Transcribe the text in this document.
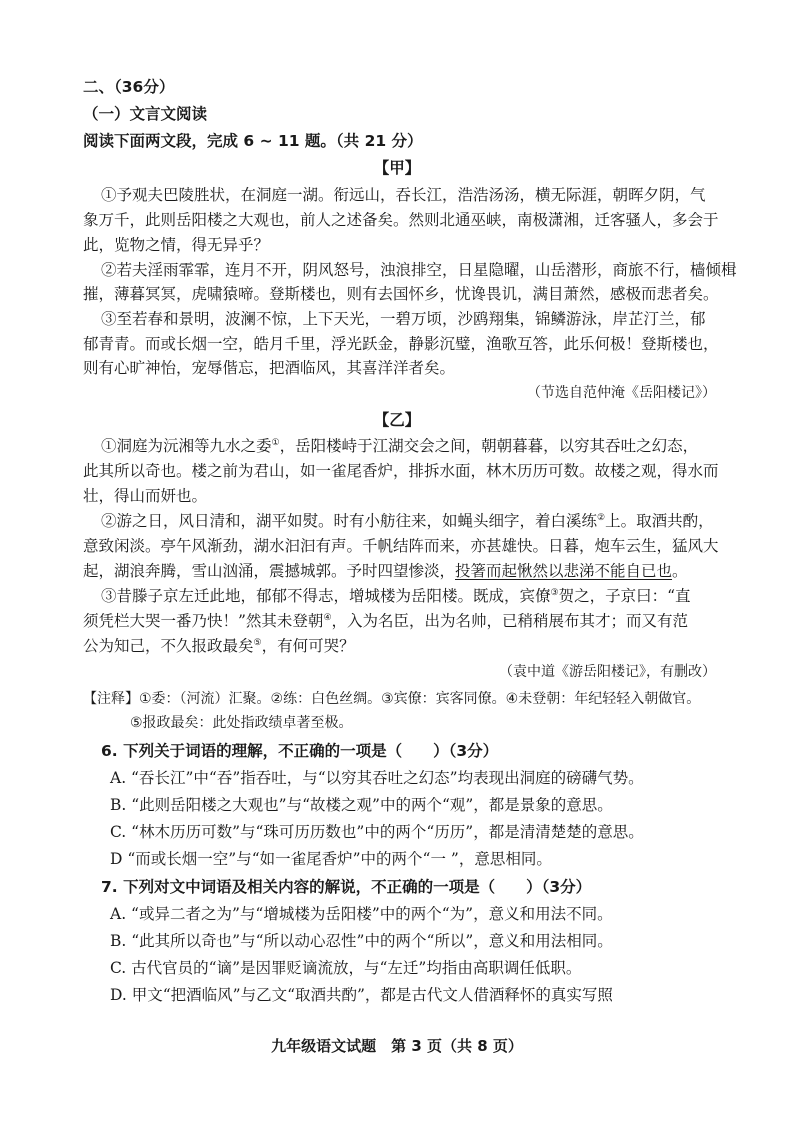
二、（36分）
（一）文言文阅读
阅读下面两文段，完成 6 ~ 11 题。（共 21 分）
【甲】
①予观夫巴陵胜状，在洞庭一湖。衔远山，吞长江，浩浩汤汤，横无际涯，朝晖夕阴，气
象万千，此则岳阳楼之大观也，前人之述备矣。然则北通巫峡，南极潇湘，迁客骚人，多会于
此，览物之情，得无异乎？
②若夫淫雨霏霏，连月不开，阴风怒号，浊浪排空，日星隐曜，山岳潜形，商旅不行，樯倾楫
摧，薄暮冥冥，虎啸猿啼。登斯楼也，则有去国怀乡，忧谗畏讥，满目萧然，感极而悲者矣。
③至若春和景明，波澜不惊，上下天光，一碧万顷，沙鸥翔集，锦鳞游泳，岸芷汀兰，郁
郁青青。而或长烟一空，皓月千里，浮光跃金，静影沉璧，渔歌互答，此乐何极！登斯楼也，
则有心旷神怡，宠辱偕忘，把酒临风，其喜洋洋者矣。
（节选自范仲淹《岳阳楼记》）
【乙】
①洞庭为沅湘等九水之委①，岳阳楼峙于江湖交会之间，朝朝暮暮，以穷其吞吐之幻态，
此其所以奇也。楼之前为君山，如一雀尾香炉，排拆水面，林木历历可数。故楼之观，得水而
壮，得山而妍也。
②游之日，风日清和，湖平如熨。时有小舫往来，如蝇头细字，着白溪练②上。取酒共酌，
意致闲淡。亭午风渐劲，湖水汩汩有声。千帆结阵而来，亦甚雄快。日暮，炮车云生，猛风大
起，湖浪奔腾，雪山汹涌，震撼城郭。予时四望惨淡，投箸而起愀然以悲涕不能自已也。
③昔滕子京左迁此地，郁郁不得志，增城楼为岳阳楼。既成，宾僚③贺之，子京曰：“直
须凭栏大哭一番乃快！”然其未登朝④，入为名臣，出为名帅，已稍稍展布其才；而又有范
公为知己，不久报政最矣⑤，有何可哭？
（袁中道《游岳阳楼记》，有删改）
【注释】①委：（河流）汇聚。②练：白色丝绸。③宾僚：宾客同僚。④未登朝：年纪轻轻入朝做官。
⑤报政最矣：此处指政绩卓著至极。
6. 下列关于词语的理解，不正确的一项是（　　）（3分）
A. “吞长江”中“吞”指吞吐，与“以穷其吞吐之幻态”均表现出洞庭的磅礴气势。
B. “此则岳阳楼之大观也”与“故楼之观”中的两个“观”，都是景象的意思。
C. “林木历历可数”与“珠可历历数也”中的两个“历历”，都是清清楚楚的意思。
D “而或长烟一空”与“如一雀尾香炉”中的两个“一 ”，意思相同。
7. 下列对文中词语及相关内容的解说，不正确的一项是（　　）（3分）
A. “或异二者之为”与“增城楼为岳阳楼”中的两个“为”，意义和用法不同。
B. “此其所以奇也”与“所以动心忍性”中的两个“所以”，意义和用法相同。
C. 古代官员的“谪”是因罪贬谪流放，与“左迁”均指由高职调任低职。
D. 甲文“把酒临风”与乙文“取酒共酌”，都是古代文人借酒释怀的真实写照
九年级语文试题　第 3 页（共 8 页）
